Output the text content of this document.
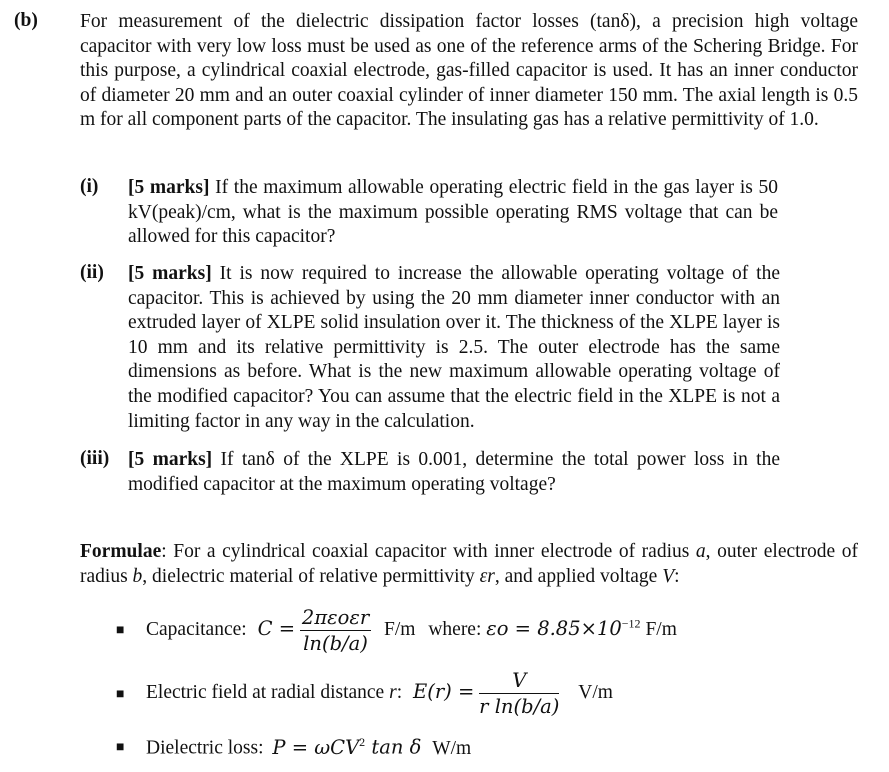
(b) For measurement of the dielectric dissipation factor losses (tanδ), a precision high voltage capacitor with very low loss must be used as one of the reference arms of the Schering Bridge. For this purpose, a cylindrical coaxial electrode, gas-filled capacitor is used. It has an inner conductor of diameter 20 mm and an outer coaxial cylinder of inner diameter 150 mm. The axial length is 0.5 m for all component parts of the capacitor. The insulating gas has a relative permittivity of 1.0.

(i) [5 marks] If the maximum allowable operating electric field in the gas layer is 50 kV(peak)/cm, what is the maximum possible operating RMS voltage that can be allowed for this capacitor?
(ii) [5 marks] It is now required to increase the allowable operating voltage of the capacitor. This is achieved by using the 20 mm diameter inner conductor with an extruded layer of XLPE solid insulation over it. The thickness of the XLPE layer is 10 mm and its relative permittivity is 2.5. The outer electrode has the same dimensions as before. What is the new maximum allowable operating voltage of the modified capacitor? You can assume that the electric field in the XLPE is not a limiting factor in any way in the calculation.
(iii) [5 marks] If tanδ of the XLPE is 0.001, determine the total power loss in the modified capacitor at the maximum operating voltage?

Formulae: For a cylindrical coaxial capacitor with inner electrode of radius a, outer electrode of radius b, dielectric material of relative permittivity εr, and applied voltage V:

■ Capacitance: $C = \frac{\text{2πεoεr}}{\ln(b/a)} F/m$ where: $\varepsilon o = 8.85\times 10^{-12}$ F/m
■ Electric field at radial distance r: $E(r) = \frac{V}{\text{r ln(b/a)}} V/m$
■ Dielectric loss: P = ωCV$^2$ tan δ W/m
